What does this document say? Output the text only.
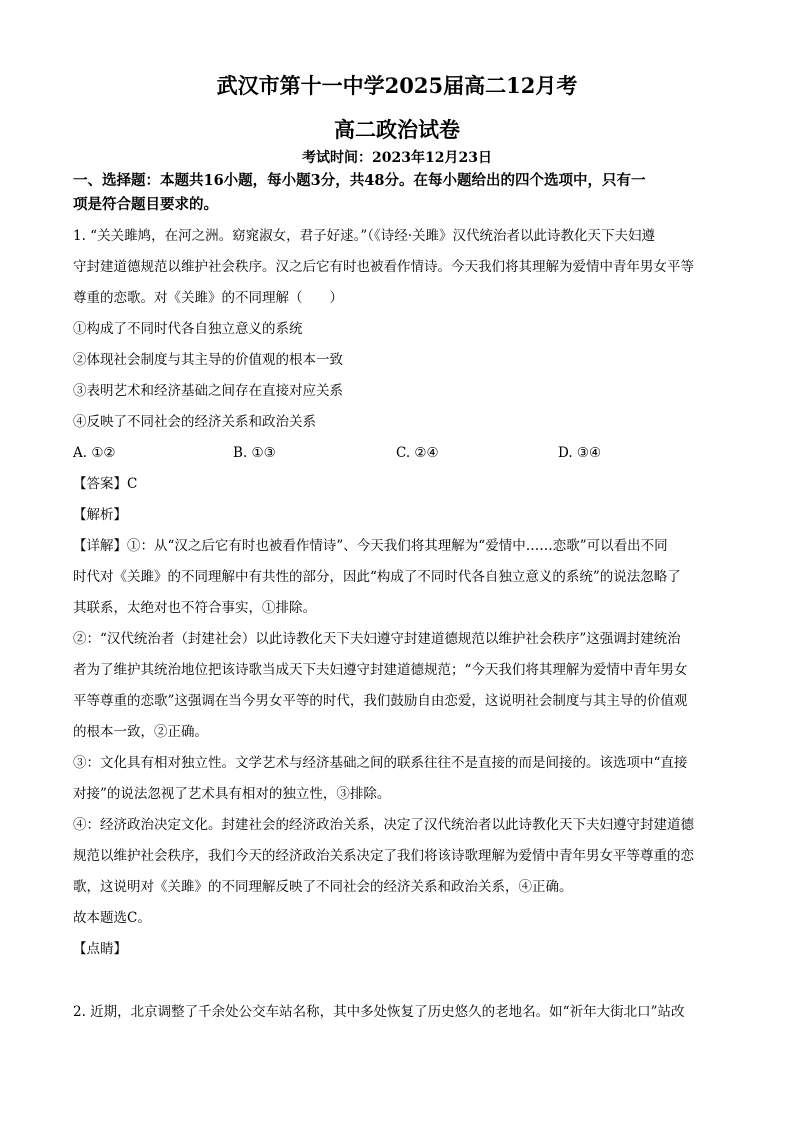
武汉市第十一中学2025届高二12月考
高二政治试卷
考试时间：2023年12月23日
一、选择题：本题共16小题，每小题3分，共48分。在每小题给出的四个选项中，只有一
项是符合题目要求的。
1. “关关雎鸠，在河之洲。窈窕淑女，君子好逑。”（《诗经·关雎》汉代统治者以此诗教化天下夫妇遵
守封建道德规范以维护社会秩序。汉之后它有时也被看作情诗。今天我们将其理解为爱情中青年男女平等
尊重的恋歌。对《关雎》的不同理解（　　）
①构成了不同时代各自独立意义的系统
②体现社会制度与其主导的价值观的根本一致
③表明艺术和经济基础之间存在直接对应关系
④反映了不同社会的经济关系和政治关系
A. ①②	B. ①③	C. ②④	D. ③④
【答案】C
【解析】
【详解】①：从“汉之后它有时也被看作情诗”、今天我们将其理解为“爱情中……恋歌”可以看出不同
时代对《关雎》的不同理解中有共性的部分，因此“构成了不同时代各自独立意义的系统”的说法忽略了
其联系，太绝对也不符合事实，①排除。
②：“汉代统治者（封建社会）以此诗教化天下夫妇遵守封建道德规范以维护社会秩序”这强调封建统治
者为了维护其统治地位把该诗歌当成天下夫妇遵守封建道德规范；“今天我们将其理解为爱情中青年男女
平等尊重的恋歌”这强调在当今男女平等的时代，我们鼓励自由恋爱，这说明社会制度与其主导的价值观
的根本一致，②正确。
③：文化具有相对独立性。文学艺术与经济基础之间的联系往往不是直接的而是间接的。该选项中“直接
对接”的说法忽视了艺术具有相对的独立性，③排除。
④：经济政治决定文化。封建社会的经济政治关系，决定了汉代统治者以此诗教化天下夫妇遵守封建道德
规范以维护社会秩序，我们今天的经济政治关系决定了我们将该诗歌理解为爱情中青年男女平等尊重的恋
歌，这说明对《关雎》的不同理解反映了不同社会的经济关系和政治关系，④正确。
故本题选C。
【点睛】
2. 近期，北京调整了千余处公交车站名称，其中多处恢复了历史悠久的老地名。如“祈年大街北口”站改
